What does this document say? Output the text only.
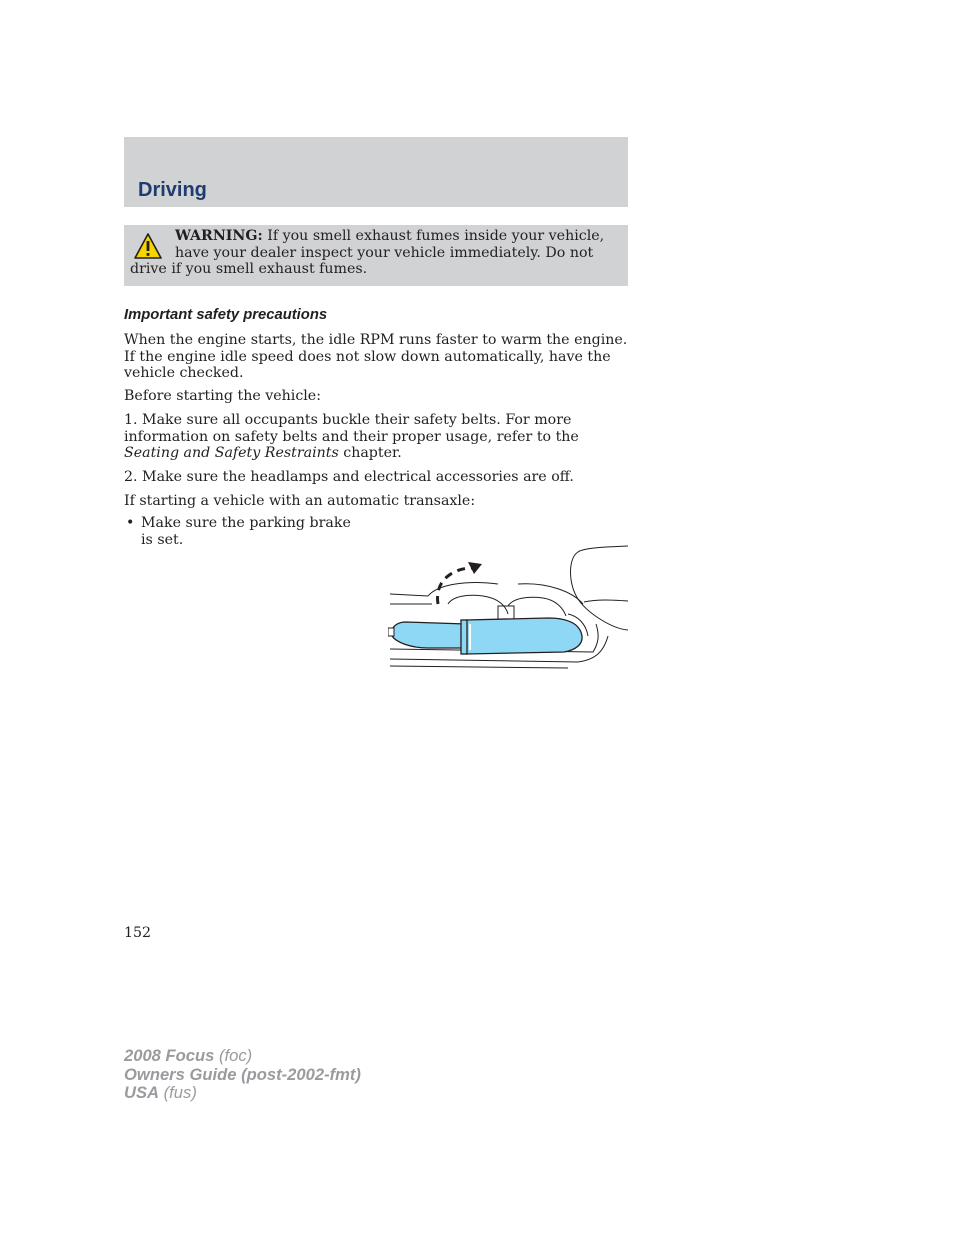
Driving
WARNING: If you smell exhaust fumes inside your vehicle, have your dealer inspect your vehicle immediately. Do not drive if you smell exhaust fumes.
Important safety precautions
When the engine starts, the idle RPM runs faster to warm the engine. If the engine idle speed does not slow down automatically, have the vehicle checked.
Before starting the vehicle:
1. Make sure all occupants buckle their safety belts. For more information on safety belts and their proper usage, refer to the Seating and Safety Restraints chapter.
2. Make sure the headlamps and electrical accessories are off.
If starting a vehicle with an automatic transaxle:
• Make sure the parking brake is set.
152
2008 Focus (foc)
Owners Guide (post-2002-fmt)
USA (fus)
